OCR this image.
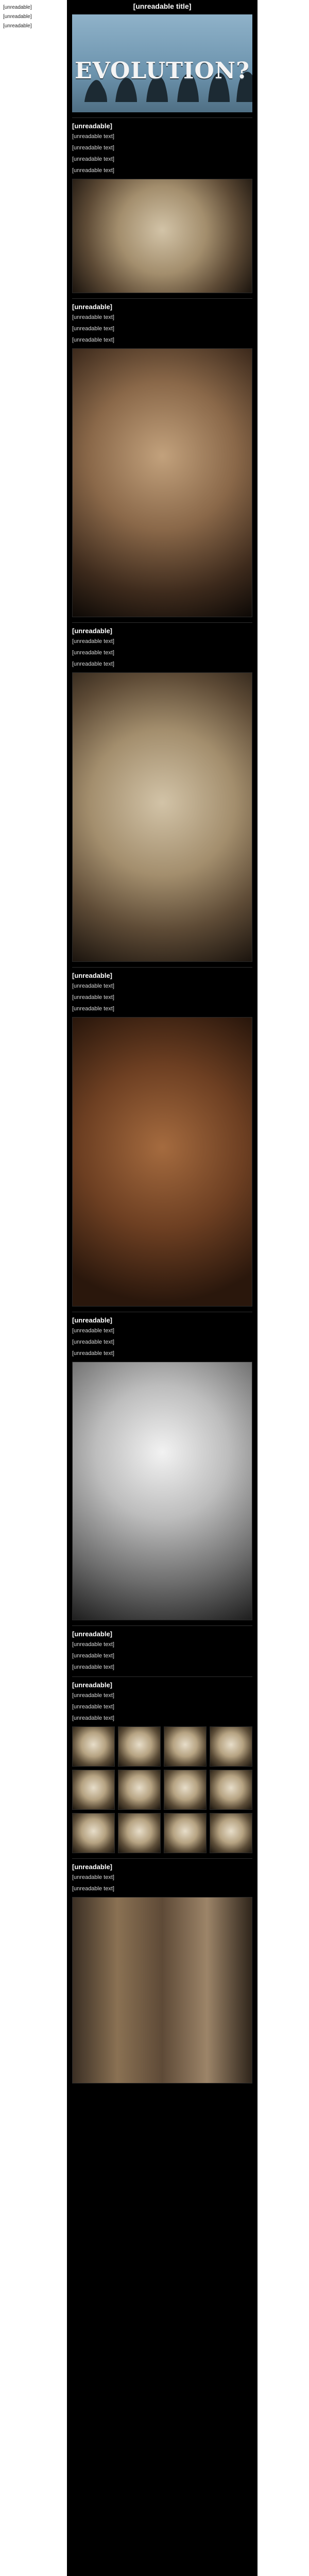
[unreadable]
[unreadable]
[unreadable]
[unreadable title]
EVOLUTION?
[unreadable]

[unreadable text]

[unreadable text]

[unreadable text]

[unreadable text]

[unreadable]

[unreadable text]

[unreadable text]

[unreadable text]

[unreadable]

[unreadable text]

[unreadable text]

[unreadable text]

[unreadable]

[unreadable text]

[unreadable text]

[unreadable text]

[unreadable]

[unreadable text]

[unreadable text]

[unreadable text]

[unreadable]

[unreadable text]

[unreadable text]

[unreadable text]

[unreadable]

[unreadable text]

[unreadable text]

[unreadable text]

[unreadable]

[unreadable text]

[unreadable text]
